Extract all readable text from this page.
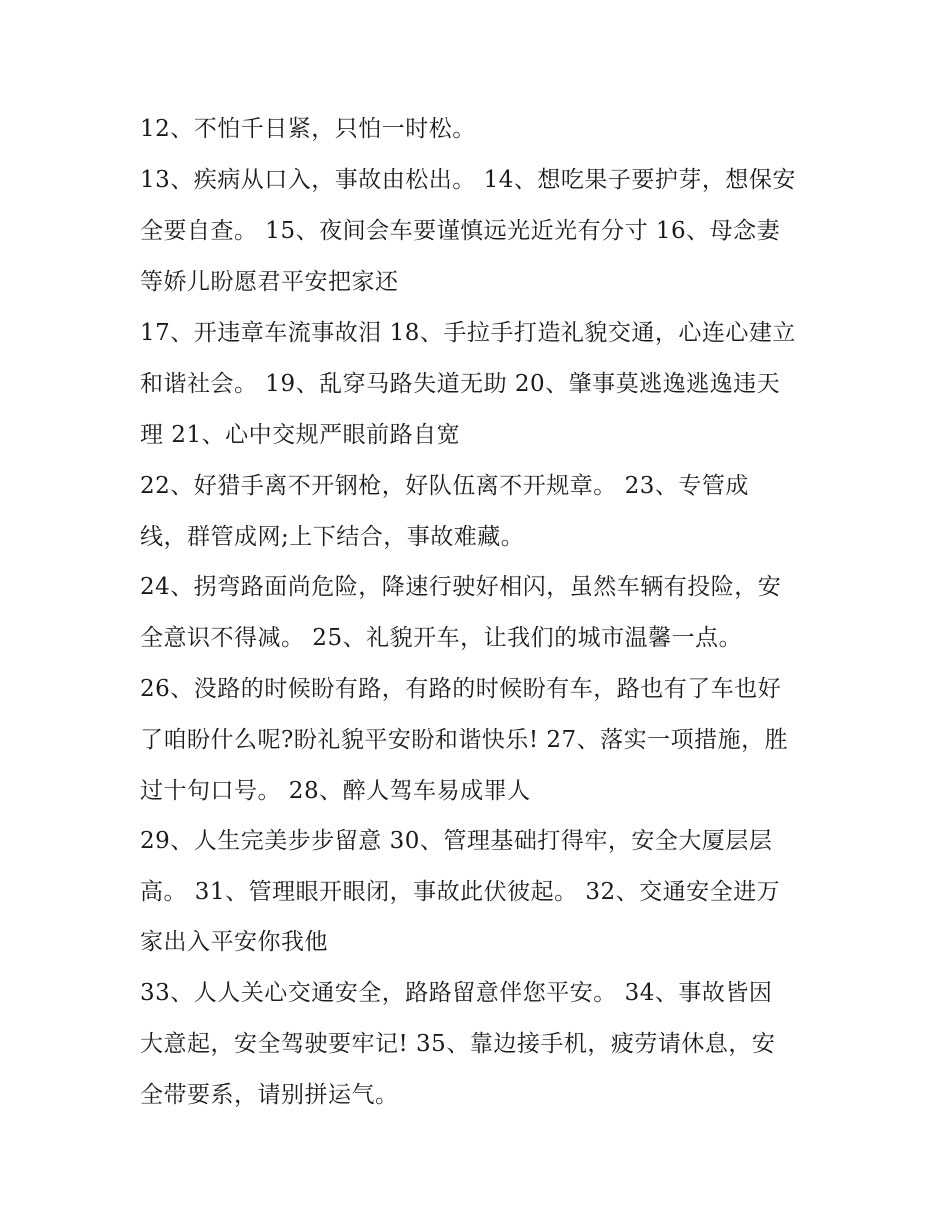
12、不怕千日紧，只怕一时松。
13、疾病从口入，事故由松出。 14、想吃果子要护芽，想保安
全要自查。 15、夜间会车要谨慎远光近光有分寸 16、母念妻
等娇儿盼愿君平安把家还
17、开违章车流事故泪 18、手拉手打造礼貌交通，心连心建立
和谐社会。 19、乱穿马路失道无助 20、肇事莫逃逸逃逸违天
理 21、心中交规严眼前路自宽
22、好猎手离不开钢枪，好队伍离不开规章。 23、专管成
线，群管成网;上下结合，事故难藏。
24、拐弯路面尚危险，降速行驶好相闪，虽然车辆有投险，安
全意识不得减。 25、礼貌开车，让我们的城市温馨一点。
26、没路的时候盼有路，有路的时候盼有车，路也有了车也好
了咱盼什么呢?盼礼貌平安盼和谐快乐! 27、落实一项措施，胜
过十句口号。 28、醉人驾车易成罪人
29、人生完美步步留意 30、管理基础打得牢，安全大厦层层
高。 31、管理眼开眼闭，事故此伏彼起。 32、交通安全进万
家出入平安你我他
33、人人关心交通安全，路路留意伴您平安。 34、事故皆因
大意起，安全驾驶要牢记! 35、靠边接手机，疲劳请休息，安
全带要系，请别拼运气。
